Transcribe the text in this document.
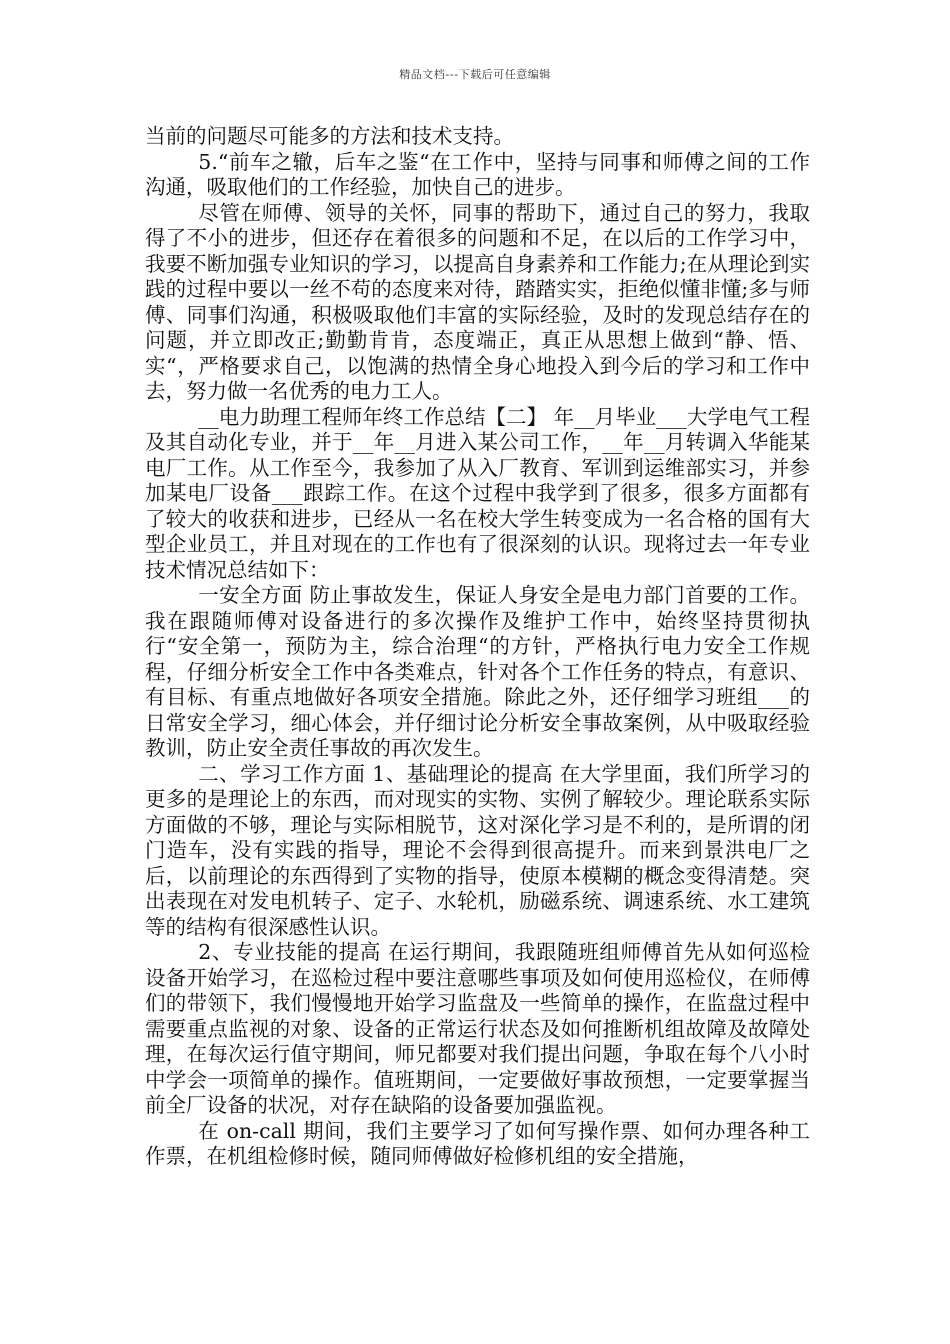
精品文档---下载后可任意编辑

当前的问题尽可能多的方法和技术支持。

5.“前车之辙，后车之鉴“在工作中，坚持与同事和师傅之间的工作沟通，吸取他们的工作经验，加快自己的进步。

尽管在师傅、领导的关怀，同事的帮助下，通过自己的努力，我取得了不小的进步，但还存在着很多的问题和不足，在以后的工作学习中，我要不断加强专业知识的学习，以提高自身素养和工作能力;在从理论到实践的过程中要以一丝不苟的态度来对待，踏踏实实，拒绝似懂非懂;多与师傅、同事们沟通，积极吸取他们丰富的实际经验，及时的发现总结存在的问题，并立即改正;勤勤肯肯，态度端正，真正从思想上做到“静、悟、实“，严格要求自己，以饱满的热情全身心地投入到今后的学习和工作中去，努力做一名优秀的电力工人。

__电力助理工程师年终工作总结【二】 年__月毕业___大学电气工程及其自动化专业，并于__年__月进入某公司工作，__年__月转调入华能某电厂工作。从工作至今，我参加了从入厂教育、军训到运维部实习，并参加某电厂设备___跟踪工作。在这个过程中我学到了很多，很多方面都有了较大的收获和进步，已经从一名在校大学生转变成为一名合格的国有大型企业员工，并且对现在的工作也有了很深刻的认识。现将过去一年专业技术情况总结如下：

一安全方面 防止事故发生，保证人身安全是电力部门首要的工作。我在跟随师傅对设备进行的多次操作及维护工作中，始终坚持贯彻执行“安全第一，预防为主，综合治理“的方针，严格执行电力安全工作规程，仔细分析安全工作中各类难点，针对各个工作任务的特点，有意识、有目标、有重点地做好各项安全措施。除此之外，还仔细学习班组___的日常安全学习，细心体会，并仔细讨论分析安全事故案例，从中吸取经验教训，防止安全责任事故的再次发生。

二、学习工作方面 1、基础理论的提高 在大学里面，我们所学习的更多的是理论上的东西，而对现实的实物、实例了解较少。理论联系实际方面做的不够，理论与实际相脱节，这对深化学习是不利的，是所谓的闭门造车，没有实践的指导，理论不会得到很高提升。而来到景洪电厂之后，以前理论的东西得到了实物的指导，使原本模糊的概念变得清楚。突出表现在对发电机转子、定子、水轮机，励磁系统、调速系统、水工建筑等的结构有很深感性认识。

2、专业技能的提高 在运行期间，我跟随班组师傅首先从如何巡检设备开始学习，在巡检过程中要注意哪些事项及如何使用巡检仪，在师傅们的带领下，我们慢慢地开始学习监盘及一些简单的操作，在监盘过程中需要重点监视的对象、设备的正常运行状态及如何推断机组故障及故障处理，在每次运行值守期间，师兄都要对我们提出问题，争取在每个八小时中学会一项简单的操作。值班期间，一定要做好事故预想，一定要掌握当前全厂设备的状况，对存在缺陷的设备要加强监视。

在 on-call 期间，我们主要学习了如何写操作票、如何办理各种工作票，在机组检修时候，随同师傅做好检修机组的安全措施，
